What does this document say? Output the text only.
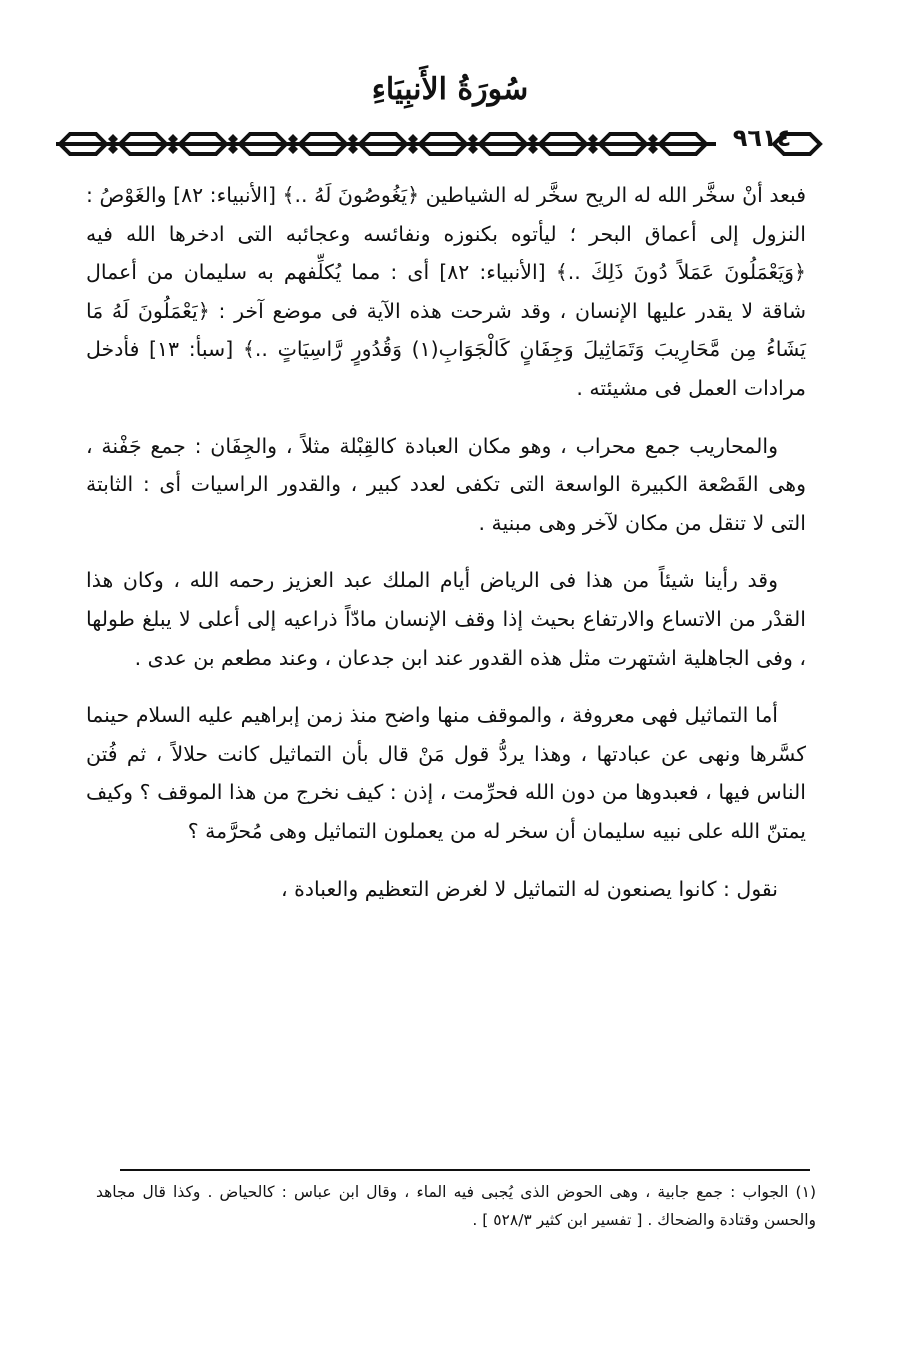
سُورَةُ الأَنبِيَاءِ
٩٦١٤

فبعد أنْ سخَّر الله له الريح سخَّر له الشياطين ﴿يَغُوصُونَ لَهُ ..﴾ [الأنبياء: ٨٢] والغَوْصُ : النزول إلى أعماق البحر ؛ ليأتوه بكنوزه ونفائسه وعجائبه التى ادخرها الله فيه ﴿وَيَعْمَلُونَ عَمَلاً دُونَ ذَلِكَ ..﴾ [الأنبياء: ٨٢] أى : مما يُكلِّفهم به سليمان من أعمال شاقة لا يقدر عليها الإنسان ، وقد شرحت هذه الآية فى موضع آخر : ﴿يَعْمَلُونَ لَهُ مَا يَشَاءُ مِن مَّحَارِيبَ وَتَمَاثِيلَ وَجِفَانٍ كَالْجَوَابِ(١) وَقُدُورٍ رَّاسِيَاتٍ ..﴾ [سبأ: ١٣] فأدخل مرادات العمل فى مشيئته .

والمحاريب جمع محراب ، وهو مكان العبادة كالقِبْلة مثلاً ، والجِفَان : جمع جَفْنة ، وهى القَصْعة الكبيرة الواسعة التى تكفى لعدد كبير ، والقدور الراسيات أى : الثابتة التى لا تنقل من مكان لآخر وهى مبنية .

وقد رأينا شيئاً من هذا فى الرياض أيام الملك عبد العزيز رحمه الله ، وكان هذا القدْر من الاتساع والارتفاع بحيث إذا وقف الإنسان مادّاً ذراعيه إلى أعلى لا يبلغ طولها ، وفى الجاهلية اشتهرت مثل هذه القدور عند ابن جدعان ، وعند مطعم بن عدى .

أما التماثيل فهى معروفة ، والموقف منها واضح منذ زمن إبراهيم عليه السلام حينما كسَّرها ونهى عن عبادتها ، وهذا يردُّ قول مَنْ قال بأن التماثيل كانت حلالاً ، ثم فُتن الناس فيها ، فعبدوها من دون الله فحرِّمت ، إذن : كيف نخرج من هذا الموقف ؟ وكيف يمتنّ الله على نبيه سليمان أن سخر له من يعملون التماثيل وهى مُحرَّمة ؟

نقول : كانوا يصنعون له التماثيل لا لغرض التعظيم والعبادة ،

(١) الجواب : جمع جابية ، وهى الحوض الذى يُجبى فيه الماء ، وقال ابن عباس : كالحياض . وكذا قال مجاهد والحسن وقتادة والضحاك . [ تفسير ابن كثير ٥٢٨/٣ ] .
